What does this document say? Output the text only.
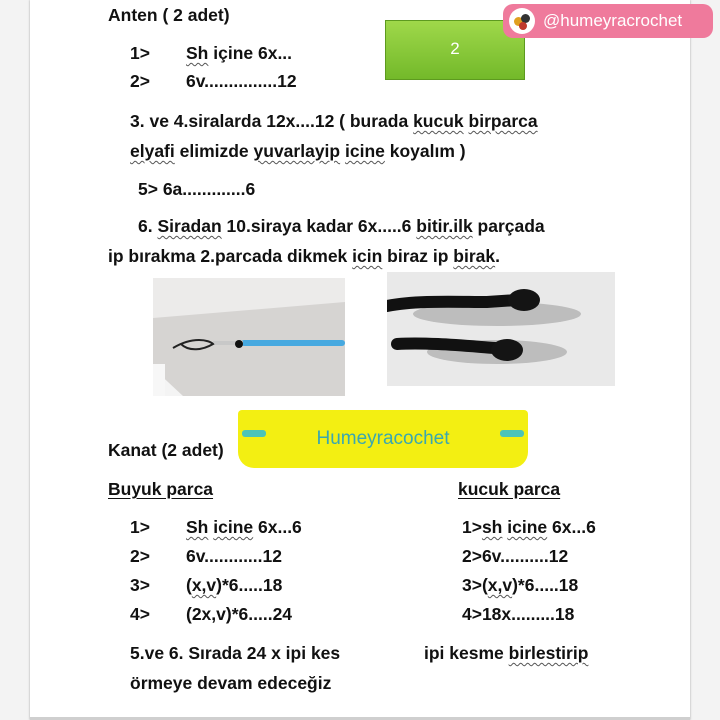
Anten ( 2 adet)
2
1> Sh içine 6x...
2> 6v...............12
3. ve 4.siralarda 12x....12 ( burada kucuk birparca
elyafi elimizde yuvarlayip icine koyalım )
5> 6a.............6
6. Siradan 10.siraya kadar 6x.....6 bitir.ilk parçada
ip bırakma 2.parcada dikmek icin biraz ip birak.
Humeyracochet
Kanat (2 adet)
Buyuk parca	kucuk parca
1> Sh icine 6x...6
2> 6v............12
3> (x,v)*6.....18
4> (2x,v)*6.....24
1>sh icine 6x...6
2>6v..........12
3>(x,v)*6.....18
4>18x.........18
5.ve 6. Sırada 24 x ipi kes
örmeye devam edeceğiz
ipi kesme birlestirip
@humeyracrochet
